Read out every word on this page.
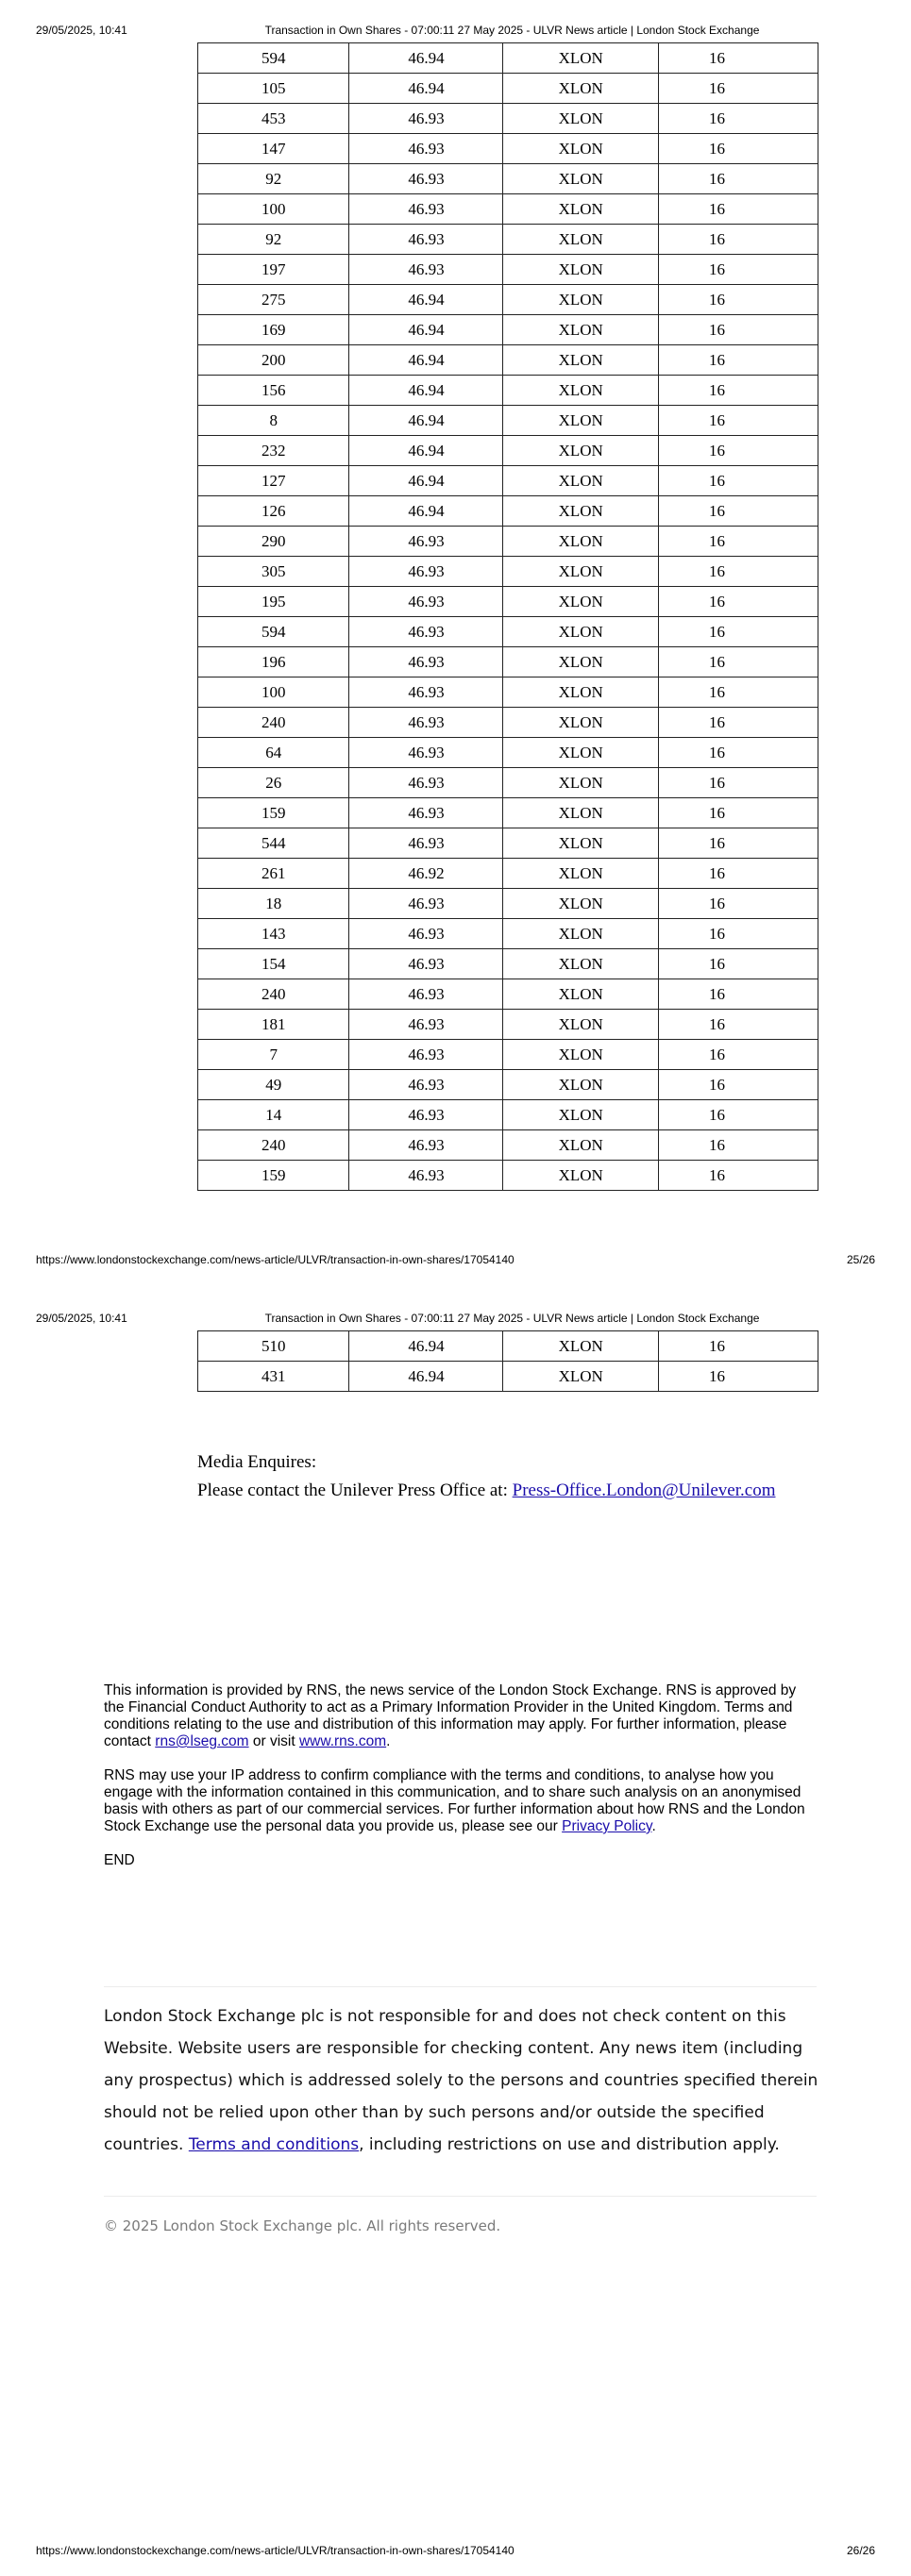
29/05/2025, 10:41	Transaction in Own Shares - 07:00:11 27 May 2025 - ULVR News article | London Stock Exchange
594	46.94	XLON	16
105	46.94	XLON	16
453	46.93	XLON	16
147	46.93	XLON	16
92	46.93	XLON	16
100	46.93	XLON	16
92	46.93	XLON	16
197	46.93	XLON	16
275	46.94	XLON	16
169	46.94	XLON	16
200	46.94	XLON	16
156	46.94	XLON	16
8	46.94	XLON	16
232	46.94	XLON	16
127	46.94	XLON	16
126	46.94	XLON	16
290	46.93	XLON	16
305	46.93	XLON	16
195	46.93	XLON	16
594	46.93	XLON	16
196	46.93	XLON	16
100	46.93	XLON	16
240	46.93	XLON	16
64	46.93	XLON	16
26	46.93	XLON	16
159	46.93	XLON	16
544	46.93	XLON	16
261	46.92	XLON	16
18	46.93	XLON	16
143	46.93	XLON	16
154	46.93	XLON	16
240	46.93	XLON	16
181	46.93	XLON	16
7	46.93	XLON	16
49	46.93	XLON	16
14	46.93	XLON	16
240	46.93	XLON	16
159	46.93	XLON	16
https://www.londonstockexchange.com/news-article/ULVR/transaction-in-own-shares/17054140	25/26
29/05/2025, 10:41	Transaction in Own Shares - 07:00:11 27 May 2025 - ULVR News article | London Stock Exchange
510	46.94	XLON	16
431	46.94	XLON	16
Media Enquires:
Please contact the Unilever Press Office at: Press-Office.London@Unilever.com

This information is provided by RNS, the news service of the London Stock Exchange. RNS is approved by the Financial Conduct Authority to act as a Primary Information Provider in the United Kingdom. Terms and conditions relating to the use and distribution of this information may apply. For further information, please contact rns@lseg.com or visit www.rns.com.

RNS may use your IP address to confirm compliance with the terms and conditions, to analyse how you engage with the information contained in this communication, and to share such analysis on an anonymised basis with others as part of our commercial services. For further information about how RNS and the London Stock Exchange use the personal data you provide us, please see our Privacy Policy.

END

London Stock Exchange plc is not responsible for and does not check content on this Website. Website users are responsible for checking content. Any news item (including any prospectus) which is addressed solely to the persons and countries specified therein should not be relied upon other than by such persons and/or outside the specified countries. Terms and conditions, including restrictions on use and distribution apply.
© 2025 London Stock Exchange plc. All rights reserved.
https://www.londonstockexchange.com/news-article/ULVR/transaction-in-own-shares/17054140	26/26
